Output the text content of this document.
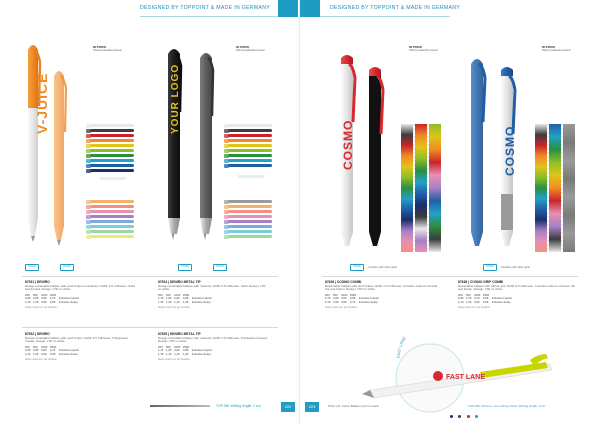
DESIGNED BY TOPPOINT & MADE IN GERMANY
IN STOCK
Short production times!
V-JUICE
IN STOCK
Short production times!
YOUR LOGO
STOCK	STOCK	STOCK	STOCK
87931 | DENIRO
Design-retractable ballpen with push button mechanism. Refill: 0.5 millimeter. Solid and frosted. Design: LTR on white.
250	500	1000	2500	
0,95	0,85	0,80	0,75	Inclusive Imprint
1,20	1,05	0,98	0,90	Inclusive Setup
Setup costs incl. per location.
87934 | DENIRO METAL TIP
Design-retractable ballpen with metal tip. Refill: 0.5 millimeter. Solid. Design: LTR on white.
250	500	1000	2500	
1,15	1,05	0,95	0,88	Inclusive Imprint
1,45	1,30	1,15	1,05	Inclusive Setup
Setup costs incl. per location.
87932 | DENIRO
Design-retractable ballpen with push button. Refill: 0.5 millimeter. Transparent frosted. Design: LTR on white.
250	500	1000	2500	
0,95	0,85	0,80	0,75	Inclusive Imprint
1,20	1,05	0,98	0,90	Inclusive Setup
Setup costs incl. per location.
87935 | DENIRO METAL TIP
Design-retractable ballpen with metal tip. Refill: 0.5 millimeter. Transparent frosted. Design: LTR on white.
250	500	1000	2500	
1,15	1,05	0,95	0,88	Inclusive Imprint
1,45	1,30	1,15	1,05	Inclusive Setup
Setup costs incl. per location.
TOP-INK Writing length: 2 km	222
DESIGNED BY TOPPOINT & MADE IN GERMANY
IN STOCK
Short production times!
COSMO
IN STOCK
Short production times!
COSMO
STOCK	Combine with other parts	STOCK	Combine with other parts
87636 | COSMO COMBI
Retractable ballpen with push button. Refill: 0.5 millimeter. Combine colours of barrel, clip and button. Design: LTR on white.
250	500	1000	2500	
0,75	0,65	0,60	0,55	Inclusive Imprint
1,00	0,90	0,80	0,72	Inclusive Setup
Setup costs incl. per location.
87638 | COSMO GRIP COMBI
Retractable ballpen with rubber grip. Refill: 0.5 millimeter. Combine colours of barrel, clip and button. Design: LTR on white.
250	500	1000	2500	
0,85	0,75	0,70	0,65	Inclusive Imprint
1,10	1,00	0,90	0,82	Inclusive Setup
Setup costs incl. per location.
FAST LANE
FAST LANE
223	Price incl. colour Ballpen print in stock.
	TOP-INK Chrome, new writing colour. Writing length: 2 km
